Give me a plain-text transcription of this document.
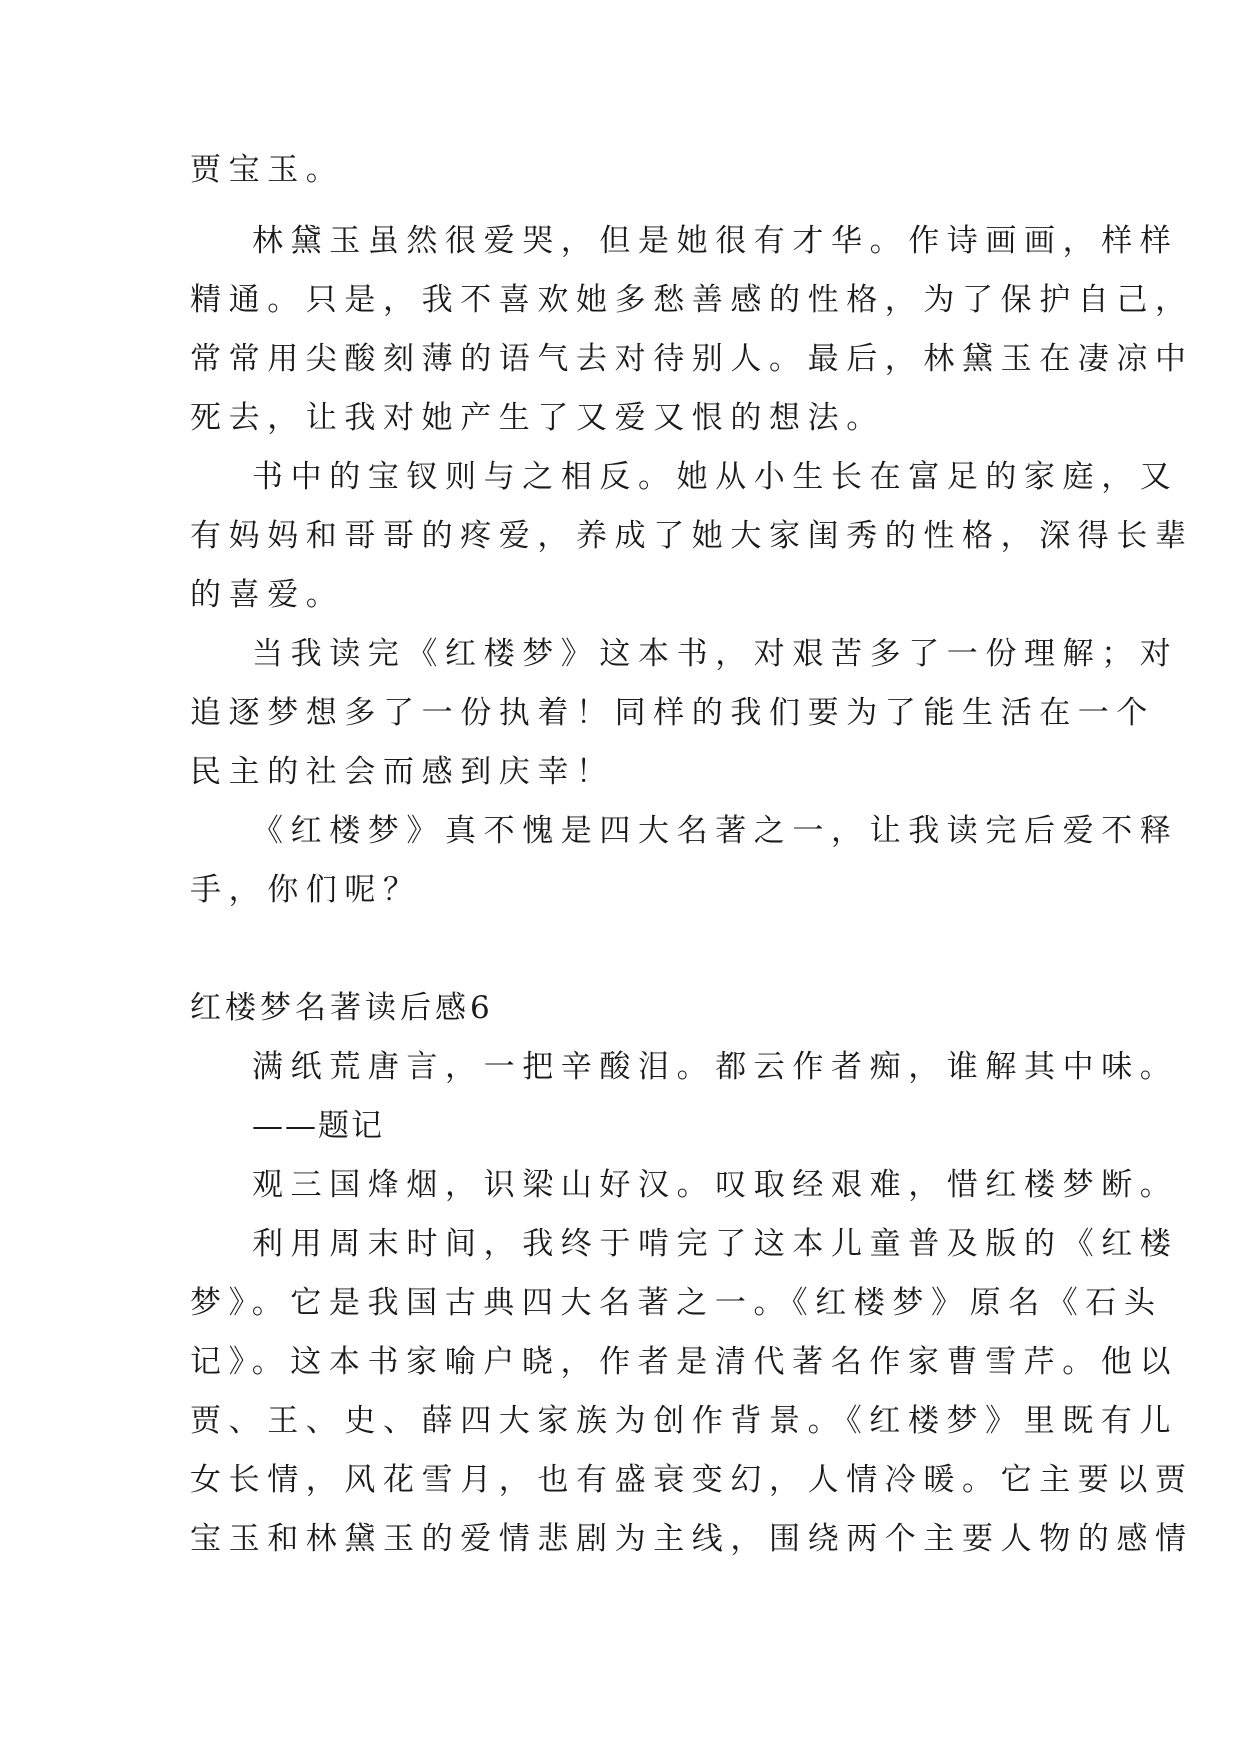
贾宝玉。
林黛玉虽然很爱哭，但是她很有才华。作诗画画，样样
精通。只是，我不喜欢她多愁善感的性格，为了保护自己，
常常用尖酸刻薄的语气去对待别人。最后，林黛玉在凄凉中
死去，让我对她产生了又爱又恨的想法。
书中的宝钗则与之相反。她从小生长在富足的家庭，又
有妈妈和哥哥的疼爱，养成了她大家闺秀的性格，深得长辈
的喜爱。
当我读完《红楼梦》这本书，对艰苦多了一份理解；对
追逐梦想多了一份执着！同样的我们要为了能生活在一个
民主的社会而感到庆幸！
《红楼梦》真不愧是四大名著之一，让我读完后爱不释
手，你们呢？
红楼梦名著读后感6
满纸荒唐言，一把辛酸泪。都云作者痴，谁解其中味。
——题记
观三国烽烟，识梁山好汉。叹取经艰难，惜红楼梦断。
利用周末时间，我终于啃完了这本儿童普及版的《红楼
梦》。它是我国古典四大名著之一。《红楼梦》原名《石头
记》。这本书家喻户晓，作者是清代著名作家曹雪芹。他以
贾、王、史、薛四大家族为创作背景。《红楼梦》里既有儿
女长情，风花雪月，也有盛衰变幻，人情冷暖。它主要以贾
宝玉和林黛玉的爱情悲剧为主线，围绕两个主要人物的感情
